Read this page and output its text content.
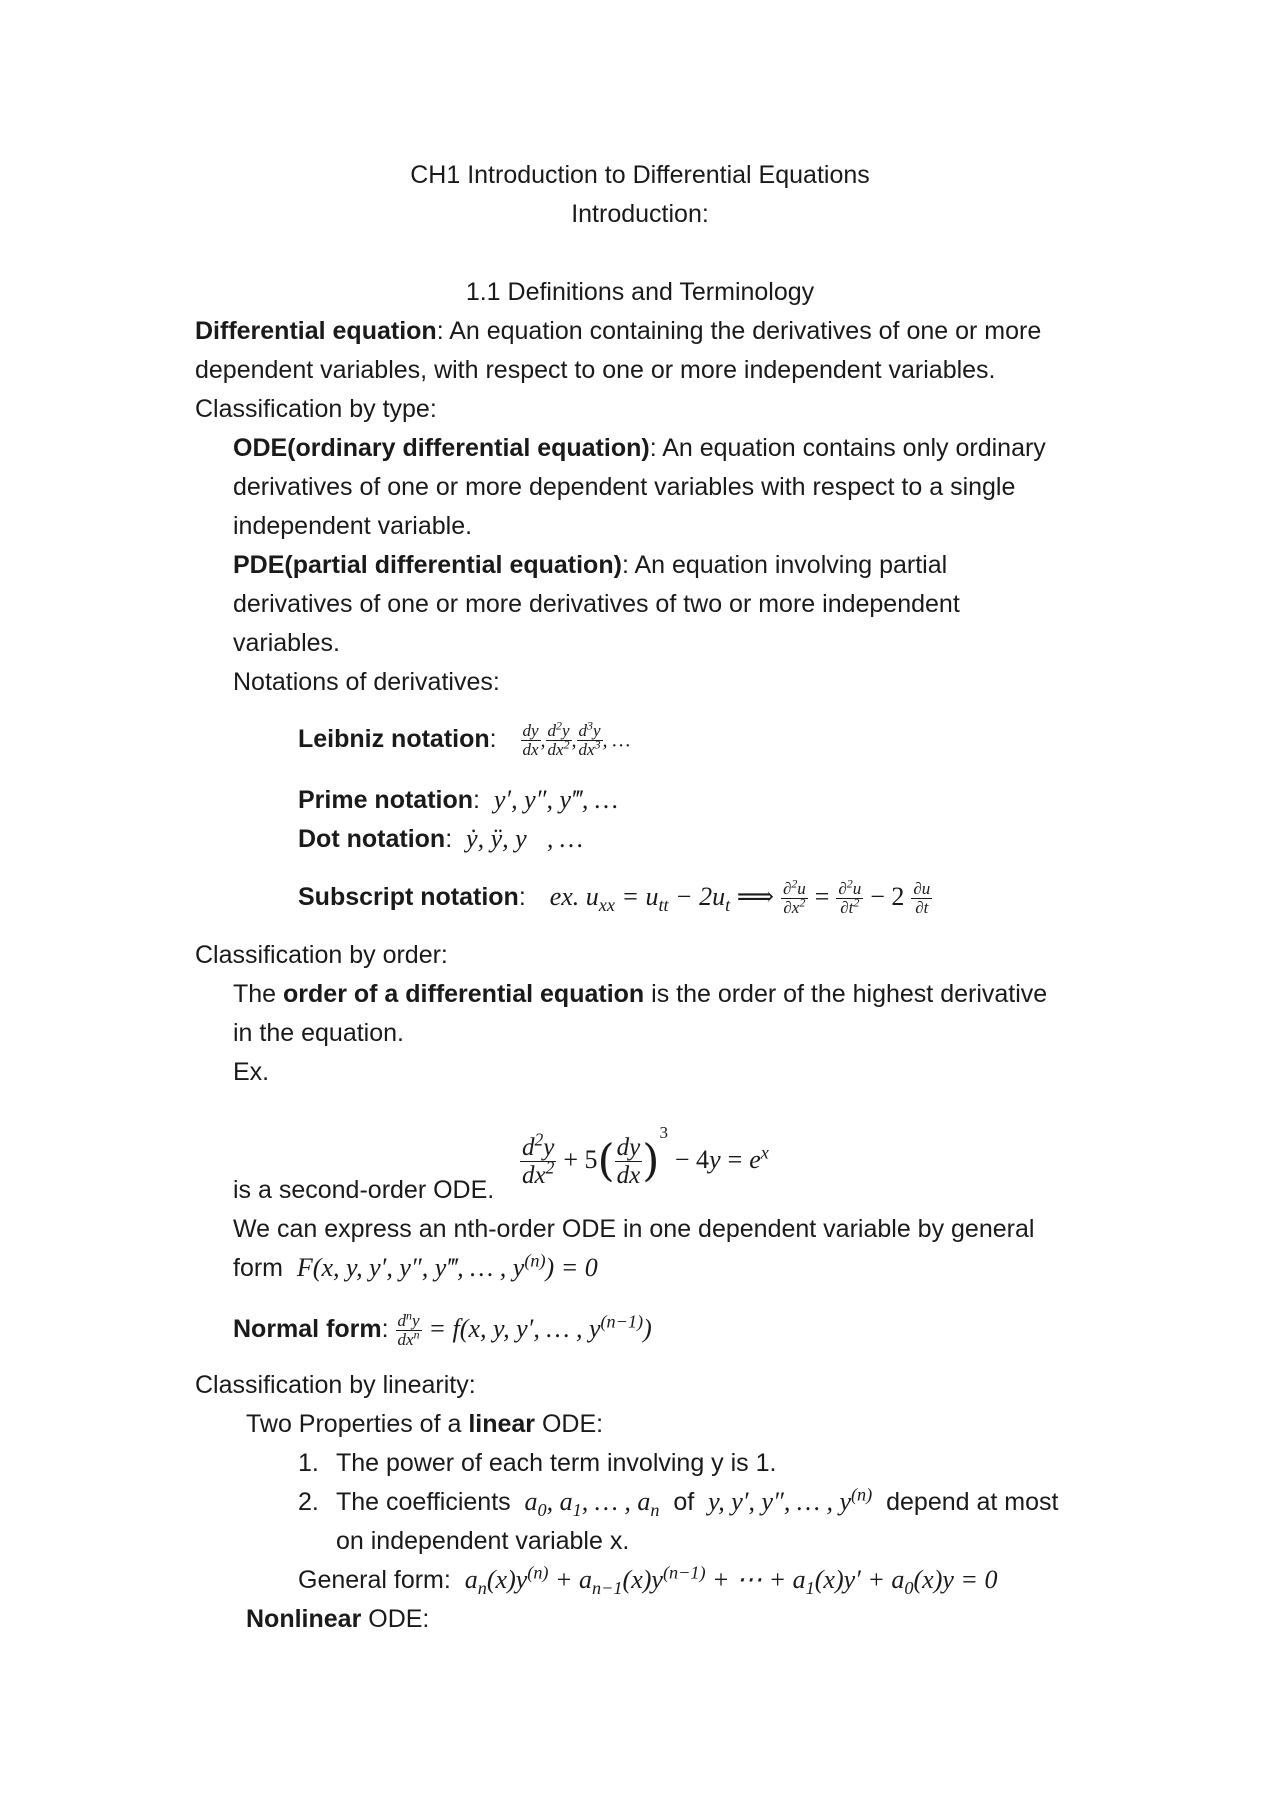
CH1 Introduction to Differential Equations
Introduction:
1.1 Definitions and Terminology
Differential equation: An equation containing the derivatives of one or more
dependent variables, with respect to one or more independent variables.
Classification by type:
ODE(ordinary differential equation): An equation contains only ordinary
derivatives of one or more dependent variables with respect to a single
independent variable.
PDE(partial differential equation): An equation involving partial
derivatives of one or more derivatives of two or more independent
variables.
Notations of derivatives:
Leibniz notation: $\frac{dy}{dx}$ , $\frac{d^2y}{dx^2}$ , $\frac{d^3y}{dx^3}$ , …
Prime notation: y′, y″, y‴, …
Dot notation: ẏ, ÿ, y⃛, …
Subscript notation: ex. $u_{xx} = u_{tt} - 2u_t$ ⟹ $\frac{\partial^2u}{\partial x^2} = \frac{\partial^2u}{\partial t^2} - 2 \frac{\partial u}{\partial t}$
Classification by order:
The order of a differential equation is the order of the highest derivative
in the equation.
Ex.
$\frac{d^2y}{dx^2} + 5( \frac{dy}{dx} )^3 - 4y = e^x$
is a second-order ODE.
We can express an nth-order ODE in one dependent variable by general
form F(x, y, y′, y″, y‴, … , $y^{(n)}) = 0$
Normal form: $\frac{d^ny}{dx^n} = f(x$, y, y′, … , $y^{(n-1)}$)
Classification by linearity:
Two Properties of a linear ODE:
1. The power of each term involving y is 1.
2. The coefficients $a_0$, $a_1$, … , $a_n$ of y, y′, y″, … , $y^{(n)}$ depend at most
on independent variable x.
General form: $a_n(x)y^{(n)} + a_{n-1}(x)y^{(n-1)}$ + ⋯ + $a_1(x)y' + a_0(x)y = 0$
Nonlinear ODE:
